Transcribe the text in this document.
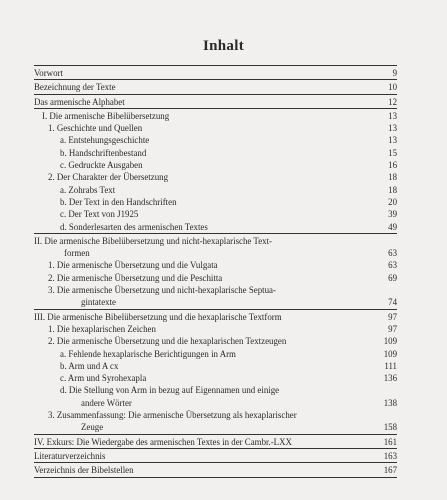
Inhalt
Vorwort	9
Bezeichnung der Texte	10
Das armenische Alphabet	12
I. Die armenische Bibelübersetzung	13
1. Geschichte und Quellen	13
a. Entstehungsgeschichte	13
b. Handschriftenbestand	15
c. Gedruckte Ausgaben	16
2. Der Charakter der Übersetzung	18
a. Zohrabs Text	18
b. Der Text in den Handschriften	20
c. Der Text von J1925	39
d. Sonderlesarten des armenischen Textes	49
II. Die armenische Bibelübersetzung und nicht-hexaplarische Text-
formen	63
1. Die armenische Übersetzung und die Vulgata	63
2. Die armenische Übersetzung und die Peschitta	69
3. Die armenische Übersetzung und nicht-hexaplarische Septua-
gintatexte	74
III. Die armenische Bibelübersetzung und die hexaplarische Textform	97
1. Die hexaplarischen Zeichen	97
2. Die armenische Übersetzung und die hexaplarischen Textzeugen	109
a. Fehlende hexaplarische Berichtigungen in Arm	109
b. Arm und A cx	111
c. Arm und Syrohexapla	136
d. Die Stellung von Arm in bezug auf Eigennamen und einige
andere Wörter	138
3. Zusammenfassung: Die armenische Übersetzung als hexaplarischer
Zeuge	158
IV. Exkurs: Die Wiedergabe des armenischen Textes in der Cambr.-LXX	161
Literaturverzeichnis	163
Verzeichnis der Bibelstellen	167
